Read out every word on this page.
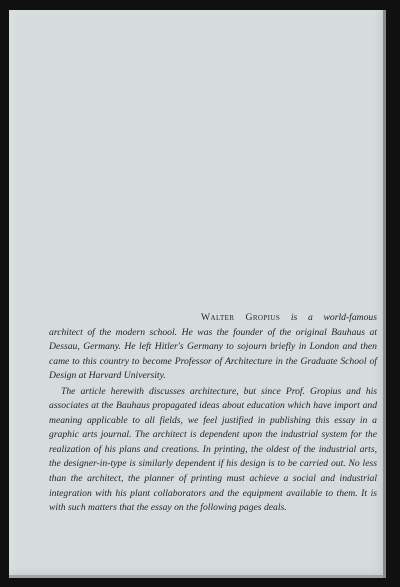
Walter Gropius is a world-famous architect of the modern school. He was the founder of the original Bauhaus at Dessau, Germany. He left Hitler's Germany to sojourn briefly in London and then came to this country to become Professor of Architecture in the Graduate School of Design at Harvard University.

The article herewith discusses architecture, but since Prof. Gropius and his associates at the Bauhaus propagated ideas about education which have import and meaning applicable to all fields, we feel justified in publishing this essay in a graphic arts journal. The architect is dependent upon the industrial system for the realization of his plans and creations. In printing, the oldest of the industrial arts, the designer-in-type is similarly dependent if his design is to be carried out. No less than the architect, the planner of printing must achieve a social and industrial integration with his plant collaborators and the equipment available to them. It is with such matters that the essay on the following pages deals.
